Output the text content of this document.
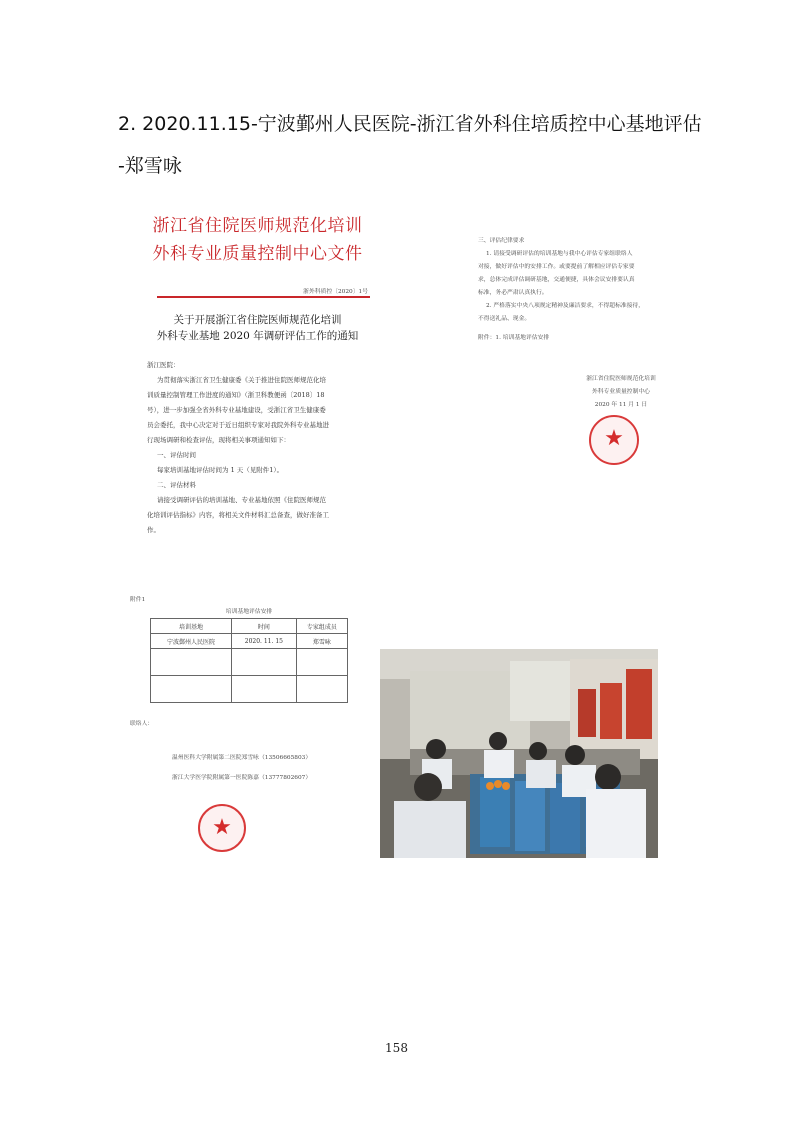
2. 2020.11.15-宁波鄞州人民医院-浙江省外科住培质控中心基地评估
-郑雪咏
浙江省住院医师规范化培训
外科专业质量控制中心文件
浙外科质控〔2020〕1号
关于开展浙江省住院医师规范化培训
外科专业基地 2020 年调研评估工作的通知
浙江医院：
为贯彻落实浙江省卫生健康委《关于推进住院医师规范化培
训质量控制管理工作进度的通知》（浙卫科教便函〔2018〕18
号），进一步加强全省外科专业基地建设，受浙江省卫生健康委
员会委托，我中心决定对于近日组织专家对我院外科专业基地进
行现场调研和检查评估，现将相关事项通知如下：
一、评估时间
每家培训基地评估时间为 1 天（见附件1）。
二、评估材料
请接受调研评估的培训基地、专业基地依照《住院医师规范
化培训评估指标》内容，将相关文件材料汇总备查，做好准备工
作。
三、评估纪律要求
1. 请接受调研评估的培训基地与我中心评估专家组联络人
对接，做好评估中的安排工作。或要提前了解相应评估专家要
求，总体完成评估调研基地，交通便捷，具体会议安排要认真
标准，务必严肃认真执行。
2. 严格落实中央八项规定精神及廉洁要求，不得超标准接待，
不得送礼品、现金。
附件：1. 培训基地评估安排
浙江省住院医师规范化培训
外科专业质量控制中心
2020 年 11 月 1 日
★
附件1
培训基地评估安排
培训基地	时间	专家组成员
宁波鄞州人民医院	2020. 11. 15	郑雪咏

联络人：
温州医科大学附属第二医院郑雪咏（13506665803）
浙江大学医学院附属第一医院陈嘉（13777802607）
★
158
